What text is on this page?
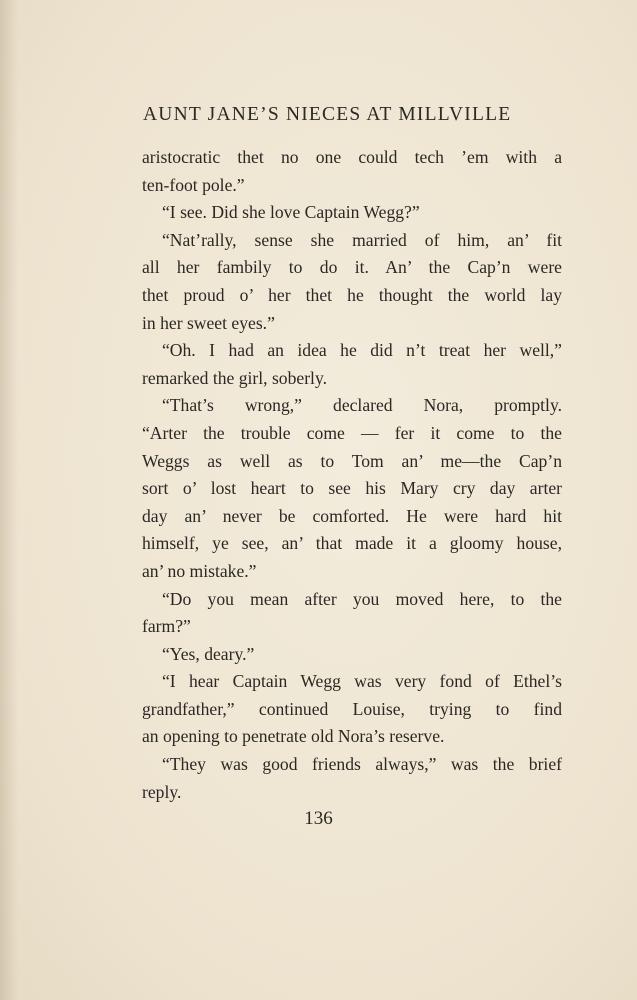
AUNT JANE’S NIECES AT MILLVILLE
aristocratic thet no one could tech ’em with a
ten-foot pole.”
“I see. Did she love Captain Wegg?”
“Nat’rally, sense she married of him, an’ fit
all her fambily to do it. An’ the Cap’n were
thet proud o’ her thet he thought the world lay
in her sweet eyes.”
“Oh. I had an idea he did n’t treat her well,”
remarked the girl, soberly.
“That’s wrong,” declared Nora, promptly.
“Arter the trouble come — fer it come to the
Weggs as well as to Tom an’ me—the Cap’n
sort o’ lost heart to see his Mary cry day arter
day an’ never be comforted. He were hard hit
himself, ye see, an’ that made it a gloomy house,
an’ no mistake.”
“Do you mean after you moved here, to the
farm?”
“Yes, deary.”
“I hear Captain Wegg was very fond of Ethel’s
grandfather,” continued Louise, trying to find
an opening to penetrate old Nora’s reserve.
“They was good friends always,” was the brief
reply.
136
